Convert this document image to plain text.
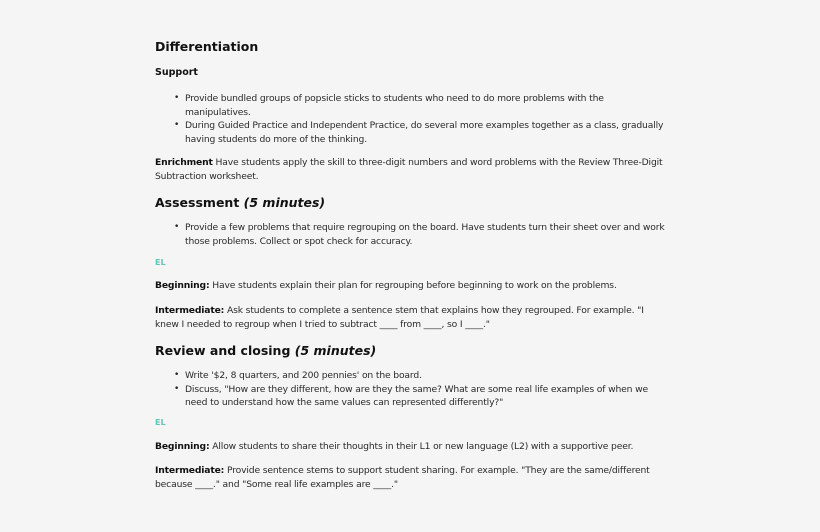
Differentiation
Support
• Provide bundled groups of popsicle sticks to students who need to do more problems with the manipulatives.
• During Guided Practice and Independent Practice, do several more examples together as a class, gradually having students do more of the thinking.
Enrichment Have students apply the skill to three-digit numbers and word problems with the Review Three-Digit Subtraction worksheet.
Assessment (5 minutes)
• Provide a few problems that require regrouping on the board. Have students turn their sheet over and work those problems. Collect or spot check for accuracy.
EL
Beginning: Have students explain their plan for regrouping before beginning to work on the problems.
Intermediate: Ask students to complete a sentence stem that explains how they regrouped. For example. "I knew I needed to regroup when I tried to subtract ____ from ____, so I ____."
Review and closing (5 minutes)
• Write '$2, 8 quarters, and 200 pennies' on the board.
• Discuss, "How are they different, how are they the same? What are some real life examples of when we need to understand how the same values can represented differently?"
EL
Beginning: Allow students to share their thoughts in their L1 or new language (L2) with a supportive peer.
Intermediate: Provide sentence stems to support student sharing. For example. "They are the same/different because ____." and "Some real life examples are ____."
